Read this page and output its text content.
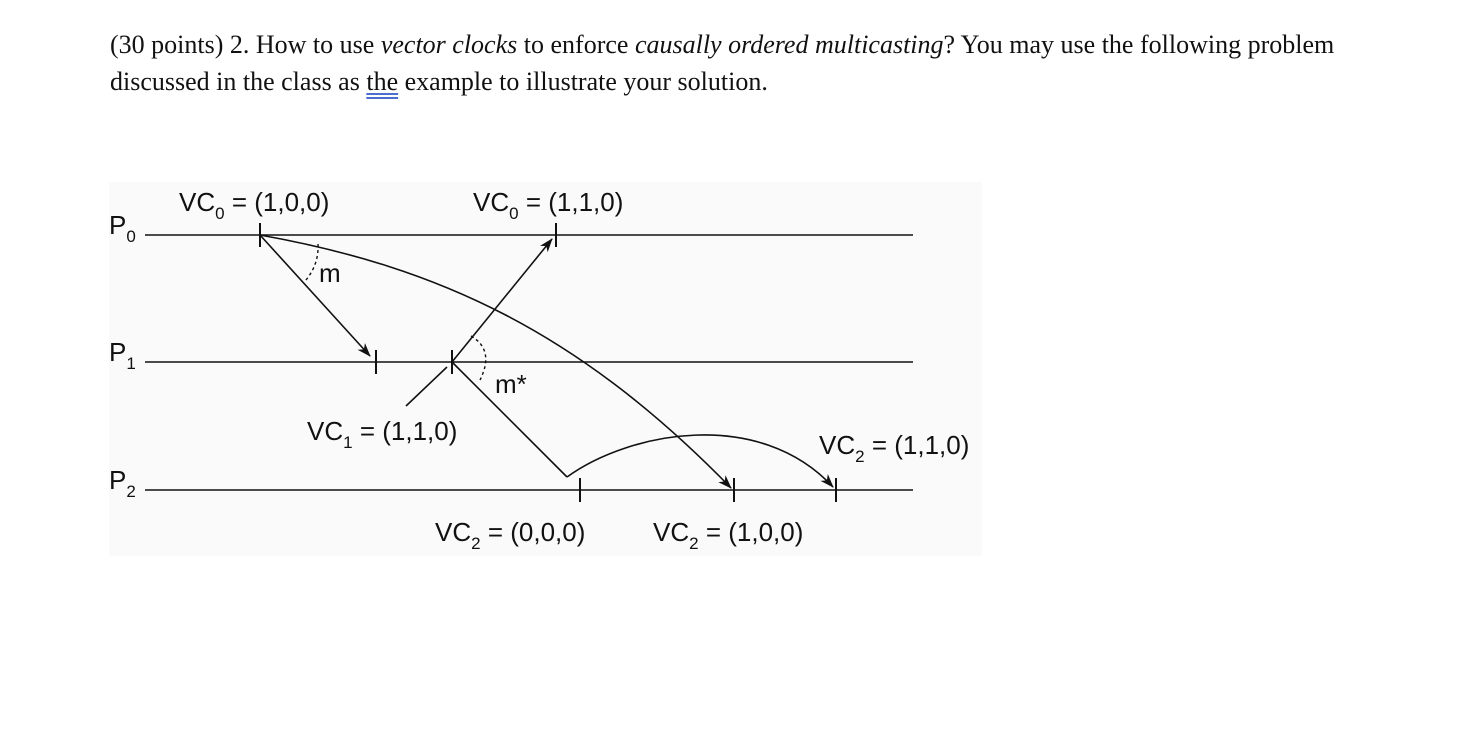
(30 points) 2. How to use vector clocks to enforce causally ordered multicasting? You may use the following problem discussed in the class as the example to illustrate your solution.

$P_0$
$P_1$
$P_2$
m
m*
$VC_0 = (1,0,0)$	$VC_0 = (1,1,0)$
$VC_1 = (1,1,0)$
$VC_2 = (0,0,0)$	$VC_2 = (1,0,0)$
$VC_2 = (1,1,0)$
